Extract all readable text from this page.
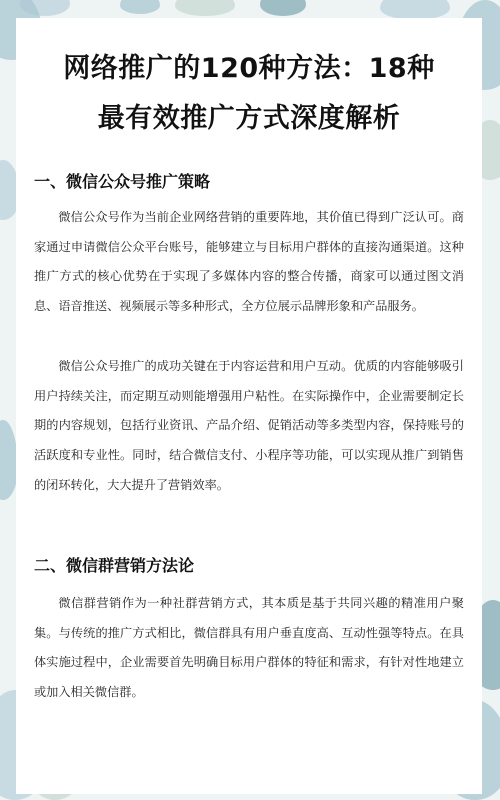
网络推广的120种方法：18种
最有效推广方式深度解析
一、微信公众号推广策略

微信公众号作为当前企业网络营销的重要阵地，其价值已得到广泛认可。商家通过申请微信公众平台账号，能够建立与目标用户群体的直接沟通渠道。这种推广方式的核心优势在于实现了多媒体内容的整合传播，商家可以通过图文消息、语音推送、视频展示等多种形式，全方位展示品牌形象和产品服务。

微信公众号推广的成功关键在于内容运营和用户互动。优质的内容能够吸引用户持续关注，而定期互动则能增强用户粘性。在实际操作中，企业需要制定长期的内容规划，包括行业资讯、产品介绍、促销活动等多类型内容，保持账号的活跃度和专业性。同时，结合微信支付、小程序等功能，可以实现从推广到销售的闭环转化，大大提升了营销效率。

二、微信群营销方法论

微信群营销作为一种社群营销方式，其本质是基于共同兴趣的精准用户聚集。与传统的推广方式相比，微信群具有用户垂直度高、互动性强等特点。在具体实施过程中，企业需要首先明确目标用户群体的特征和需求，有针对性地建立或加入相关微信群。
